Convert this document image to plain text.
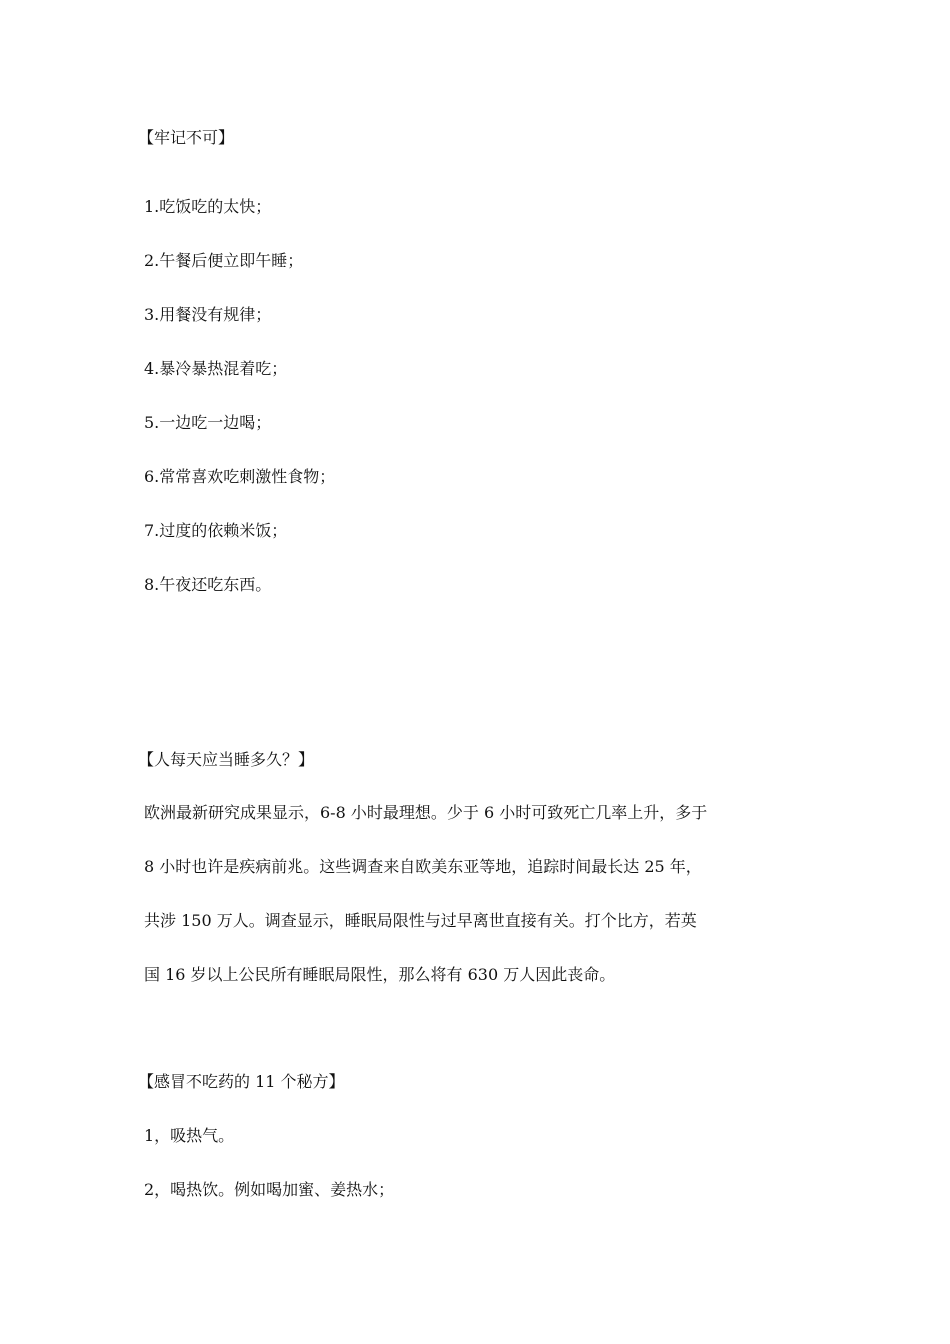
【牢记不可】
1.吃饭吃的太快；
2.午餐后便立即午睡；
3.用餐没有规律；
4.暴冷暴热混着吃；
5.一边吃一边喝；
6.常常喜欢吃刺激性食物；
7.过度的依赖米饭；
8.午夜还吃东西。
【人每天应当睡多久？】
欧洲最新研究成果显示，6-8 小时最理想。少于 6 小时可致死亡几率上升，多于
8 小时也许是疾病前兆。这些调查来自欧美东亚等地，追踪时间最长达 25 年，
共涉 150 万人。调查显示，睡眠局限性与过早离世直接有关。打个比方，若英
国 16 岁以上公民所有睡眠局限性，那么将有 630 万人因此丧命。
【感冒不吃药的 11 个秘方】
1，吸热气。
2，喝热饮。例如喝加蜜、姜热水；
